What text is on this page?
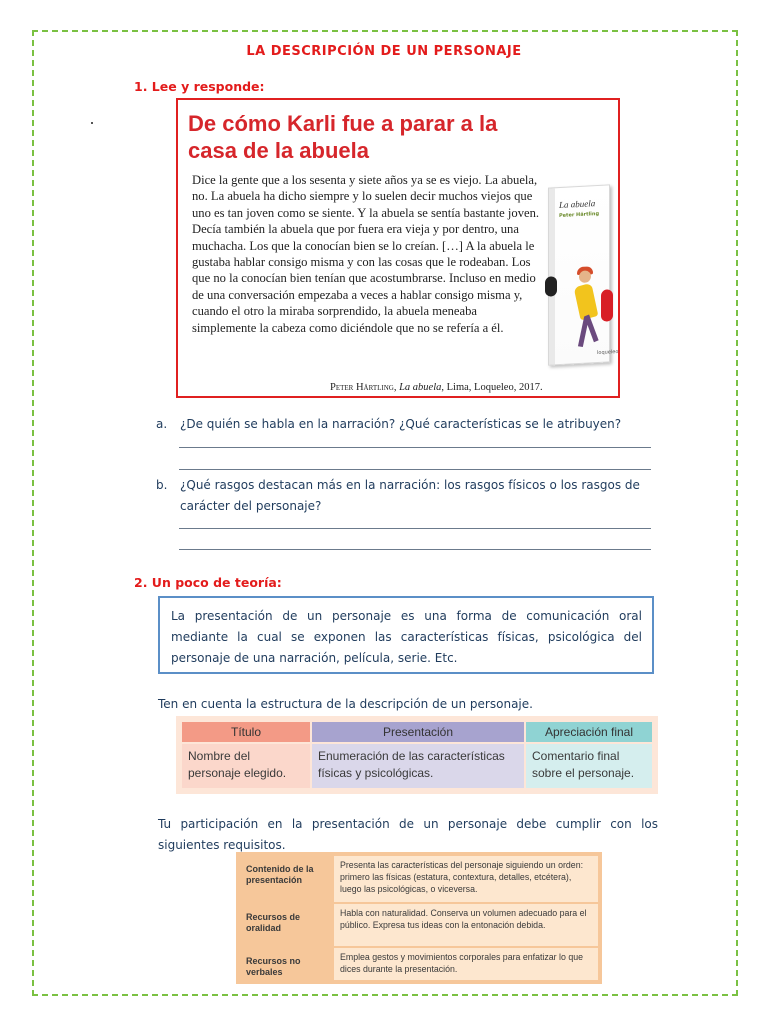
LA DESCRIPCIÓN DE UN PERSONAJE
1. Lee y responde:
De cómo Karli fue a parar a la casa de la abuela
Dice la gente que a los sesenta y siete años ya se es viejo. La abuela, no. La abuela ha dicho siempre y lo suelen decir muchos viejos que uno es tan joven como se siente. Y la abuela se sentía bastante joven. Decía también la abuela que por fuera era vieja y por dentro, una muchacha. Los que la conocían bien se lo creían. […] A la abuela le gustaba hablar consigo misma y con las cosas que le rodeaban. Los que no la conocían bien tenían que acostumbrarse. Incluso en medio de una conversación empezaba a veces a hablar consigo misma y, cuando el otro la miraba sorprendido, la abuela meneaba simplemente la cabeza como diciéndole que no se refería a él.
La abuela
Peter Härtling
loqueleo
Peter Härtling, La abuela, Lima, Loqueleo, 2017.
a. ¿De quién se habla en la narración? ¿Qué características se le atribuyen?
b. ¿Qué rasgos destacan más en la narración: los rasgos físicos o los rasgos de carácter del personaje?
2. Un poco de teoría:
La presentación de un personaje es una forma de comunicación oral mediante la cual se exponen las características físicas, psicológica del personaje de una narración, película, serie. Etc.
Ten en cuenta la estructura de la descripción de un personaje.
Título	Presentación	Apreciación final
Nombre del personaje elegido.
Enumeración de las características físicas y psicológicas.
Comentario final sobre el personaje.
Tu participación en la presentación de un personaje debe cumplir con los siguientes requisitos.
Contenido de la presentación
Presenta las características del personaje siguiendo un orden: primero las físicas (estatura, contextura, detalles, etcétera), luego las psicológicas, o viceversa.
Recursos de oralidad
Habla con naturalidad. Conserva un volumen adecuado para el público. Expresa tus ideas con la entonación debida.
Recursos no verbales
Emplea gestos y movimientos corporales para enfatizar lo que dices durante la presentación.
